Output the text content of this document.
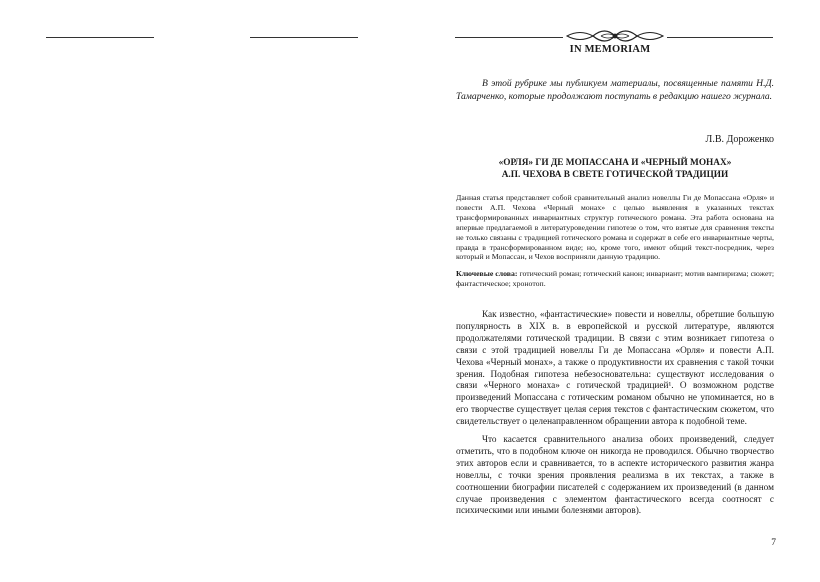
IN MEMORIAM

В этой рубрике мы публикуем материалы, посвященные памяти Н.Д. Тамарченко, которые продолжают поступать в редакцию нашего журнала.

Л.В. Дороженко
«ОРЛЯ» ГИ ДЕ МОПАССАНА И «ЧЕРНЫЙ МОНАХ»
А.П. ЧЕХОВА В СВЕТЕ ГОТИЧЕСКОЙ ТРАДИЦИИ

Данная статья представляет собой сравнительный анализ новеллы Ги де Мопассана «Орля» и повести А.П. Чехова «Черный монах» с целью выявления в указанных текстах трансформированных инвариантных структур готического романа. Эта работа основана на впервые предлагаемой в литературоведении гипотезе о том, что взятые для сравнения тексты не только связаны с традицией готического романа и содержат в себе его инвариантные черты, правда в трансформированном виде; но, кроме того, имеют общий текст-посредник, через который и Мопассан, и Чехов восприняли данную традицию.

Ключевые слова: готический роман; готический канон; инвариант; мотив вампиризма; сюжет; фантастическое; хронотоп.

Как известно, «фантастические» повести и новеллы, обретшие большую популярность в XIX в. в европейской и русской литературе, являются продолжателями готической традиции. В связи с этим возникает гипотеза о связи с этой традицией новеллы Ги де Мопассана «Орля» и повести А.П. Чехова «Черный монах», а также о продуктивности их сравнения с такой точки зрения. Подобная гипотеза небезосновательна: существуют исследования о связи «Черного монаха» с готической традицией¹. О возможном родстве произведений Мопассана с готическим романом обычно не упоминается, но в его творчестве существует целая серия текстов с фантастическим сюжетом, что свидетельствует о целенаправленном обращении автора к подобной теме.

Что касается сравнительного анализа обоих произведений, следует отметить, что в подобном ключе он никогда не проводился. Обычно творчество этих авторов если и сравнивается, то в аспекте исторического развития жанра новеллы, с точки зрения проявления реализма в их текстах, а также в соотношении биографии писателей с содержанием их произведений (в данном случае произведения с элементом фантастического всегда соотносят с психическими или иными болезнями авторов).

7
